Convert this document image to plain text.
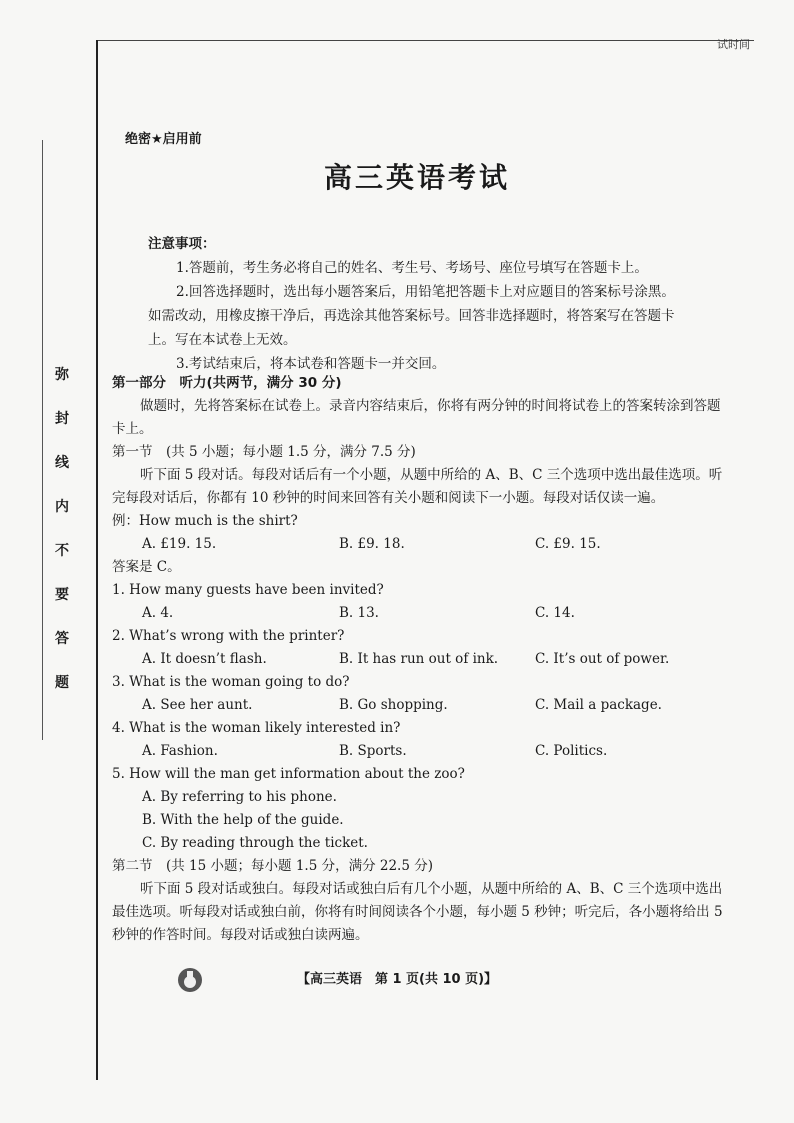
试时间
弥
封
线
内
不
要
答
题
绝密★启用前
高三英语考试

注意事项：

1.答题前，考生务必将自己的姓名、考生号、考场号、座位号填写在答题卡上。

2.回答选择题时，选出每小题答案后，用铅笔把答题卡上对应题目的答案标号涂黑。如需改动，用橡皮擦干净后，再选涂其他答案标号。回答非选择题时，将答案写在答题卡上。写在本试卷上无效。

3.考试结束后，将本试卷和答题卡一并交回。

第一部分　听力(共两节，满分 30 分)

做题时，先将答案标在试卷上。录音内容结束后，你将有两分钟的时间将试卷上的答案转涂到答题卡上。

第一节　(共 5 小题；每小题 1.5 分，满分 7.5 分)

听下面 5 段对话。每段对话后有一个小题，从题中所给的 A、B、C 三个选项中选出最佳选项。听完每段对话后，你都有 10 秒钟的时间来回答有关小题和阅读下一小题。每段对话仅读一遍。

例：How much is the shirt?

A. £19. 15.	B. £9. 18.	C. £9. 15.

答案是 C。

1. How many guests have been invited?

A. 4.	B. 13.	C. 14.

2. What’s wrong with the printer?

A. It doesn’t flash.	B. It has run out of ink.	C. It’s out of power.

3. What is the woman going to do?

A. See her aunt.	B. Go shopping.	C. Mail a package.

4. What is the woman likely interested in?

A. Fashion.	B. Sports.	C. Politics.

5. How will the man get information about the zoo?

A. By referring to his phone.

B. With the help of the guide.

C. By reading through the ticket.

第二节　(共 15 小题；每小题 1.5 分，满分 22.5 分)

听下面 5 段对话或独白。每段对话或独白后有几个小题，从题中所给的 A、B、C 三个选项中选出最佳选项。听每段对话或独白前，你将有时间阅读各个小题，每小题 5 秒钟；听完后，各小题将给出 5 秒钟的作答时间。每段对话或独白读两遍。

【高三英语　第 1 页(共 10 页)】
